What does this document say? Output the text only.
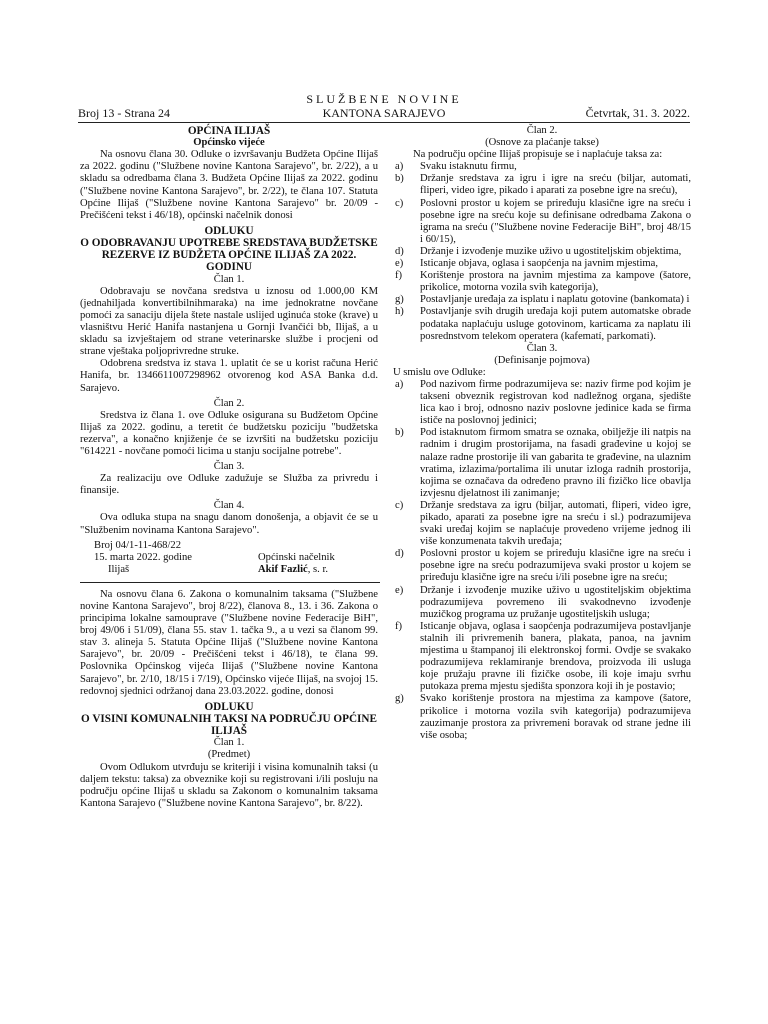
SLUŽBENE NOVINE
KANTONA SARAJEVO
Broj 13 - Strana 24	Četvrtak, 31. 3. 2022.
OPĆINA ILIJAŠ
Općinsko vijeće

Na osnovu člana 30. Odluke o izvršavanju Budžeta Općine Ilijaš za 2022. godinu ("Službene novine Kantona Sarajevo", br. 2/22), a u skladu sa odredbama člana 3. Budžeta Općine Ilijaš za 2022. godinu ("Službene novine Kantona Sarajevo", br. 2/22), te člana 107. Statuta Općine Ilijaš ("Službene novine Kantona Sarajevo" br. 20/09 - Prečišćeni tekst i 46/18), općinski načelnik donosi

ODLUKU
O ODOBRAVANJU UPOTREBE SREDSTAVA BUDŽETSKE REZERVE IZ BUDŽETA OPĆINE ILIJAŠ ZA 2022. GODINU
Član 1.

Odobravaju se novčana sredstva u iznosu od 1.000,00 KM (jednahiljada konvertibilnihmaraka) na ime jednokratne novčane pomoći za sanaciju dijela štete nastale uslijed uginuća stoke (krave) u vlasništvu Herić Hanifa nastanjena u Gornji Ivančići bb, Ilijaš, a u skladu sa izvještajem od strane veterinarske službe i procjeni od strane vještaka poljoprivredne struke.

Odobrena sredstva iz stava 1. uplatit će se u korist računa Herić Hanifa, br. 1346611007298962 otvorenog kod ASA Banka d.d. Sarajevo.

Član 2.

Sredstva iz člana 1. ove Odluke osigurana su Budžetom Općine Ilijaš za 2022. godinu, a teretit će budžetsku poziciju "budžetska rezerva", a konačno knjiženje će se izvršiti na budžetsku poziciju "614221 - novčane pomoći licima u stanju socijalne potrebe".

Član 3.

Za realizaciju ove Odluke zadužuje se Služba za privredu i finansije.

Član 4.

Ova odluka stupa na snagu danom donošenja, a objavit će se u "Službenim novinama Kantona Sarajevo".

Broj 04/1-11-468/22
15. marta 2022. godine	Općinski načelnik
Ilijaš	Akif Fazlić, s. r.

Na osnovu člana 6. Zakona o komunalnim taksama ("Službene novine Kantona Sarajevo", broj 8/22), članova 8., 13. i 36. Zakona o principima lokalne samouprave ("Službene novine Federacije BiH", broj 49/06 i 51/09), člana 55. stav 1. tačka 9., a u vezi sa članom 99. stav 3. alineja 5. Statuta Općine Ilijaš ("Službene novine Kantona Sarajevo", br. 20/09 - Prečišćeni tekst i 46/18), te člana 99. Poslovnika Općinskog vijeća Ilijaš ("Službene novine Kantona Sarajevo", br. 2/10, 18/15 i 7/19), Općinsko vijeće Ilijaš, na svojoj 15. redovnoj sjednici održanoj dana 23.03.2022. godine, donosi

ODLUKU
O VISINI KOMUNALNIH TAKSI NA PODRUČJU OPĆINE ILIJAŠ
Član 1.
(Predmet)

Ovom Odlukom utvrđuju se kriteriji i visina komunalnih taksi (u daljem tekstu: taksa) za obveznike koji su registrovani i/ili posluju na području općine Ilijaš u skladu sa Zakonom o komunalnim taksama Kantona Sarajevo ("Službene novine Kantona Sarajevo", br. 8/22).

Član 2.
(Osnove za plaćanje takse)

Na području općine Ilijaš propisuje se i naplaćuje taksa za:

a)	Svaku istaknutu firmu,
b)	Držanje sredstava za igru i igre na sreću (biljar, automati, fliperi, video igre, pikado i aparati za posebne igre na sreću),
c)	Poslovni prostor u kojem se priređuju klasične igre na sreću i posebne igre na sreću koje su definisane odredbama Zakona o igrama na sreću ("Službene novine Federacije BiH", broj 48/15 i 60/15),
d)	Držanje i izvođenje muzike uživo u ugostiteljskim objektima,
e)	Isticanje objava, oglasa i saopćenja na javnim mjestima,
f)	Korištenje prostora na javnim mjestima za kampove (šatore, prikolice, motorna vozila svih kategorija),
g)	Postavljanje uređaja za isplatu i naplatu gotovine (bankomata) i
h)	Postavljanje svih drugih uređaja koji putem automatske obrade podataka naplaćuju usluge gotovinom, karticama za naplatu ili posrednstvom telekom operatera (kafematí, parkomati).
Član 3.
(Definisanje pojmova)
U smislu ove Odluke:
a)	Pod nazivom firme podrazumijeva se: naziv firme pod kojim je takseni obveznik registrovan kod nadležnog organa, sjedište lica kao i broj, odnosno naziv poslovne jedinice kada se firma ističe na poslovnoj jedinici;
b)	Pod istaknutom firmom smatra se oznaka, obilježje ili natpis na radnim i drugim prostorijama, na fasadi građevine u kojoj se nalaze radne prostorije ili van gabarita te građevine, na ulaznim vratima, izlazima/portalima ili unutar izloga radnih prostorija, kojima se označava da određeno pravno ili fizičko lice obavlja izvjesnu djelatnost ili zanimanje;
c)	Držanje sredstava za igru (biljar, automati, fliperi, video igre, pikado, aparati za posebne igre na sreću i sl.) podrazumijeva svaki uređaj kojim se naplaćuje provedeno vrijeme jednog ili više konzumenata takvih uređaja;
d)	Poslovni prostor u kojem se priređuju klasične igre na sreću i posebne igre na sreću podrazumijeva svaki prostor u kojem se priređuju klasične igre na sreću i/ili posebne igre na sreću;
e)	Držanje i izvođenje muzike uživo u ugostiteljskim objektima podrazumijeva povremeno ili svakodnevno izvođenje muzičkog programa uz pružanje ugostiteljskih usluga;
f)	Isticanje objava, oglasa i saopćenja podrazumijeva postavljanje stalnih ili privremenih banera, plakata, panoa, na javnim mjestima u štampanoj ili elektronskoj formi. Ovdje se svakako podrazumijeva reklamiranje brendova, proizvoda ili usluga koje pružaju pravne ili fizičke osobe, ili koje imaju svrhu putokaza prema mjestu sjedišta sponzora koji ih je postavio;
g)	Svako korištenje prostora na mjestima za kampove (šatore, prikolice i motorna vozila svih kategorija) podrazumijeva zauzimanje prostora za privremeni boravak od strane jedne ili više osoba;
